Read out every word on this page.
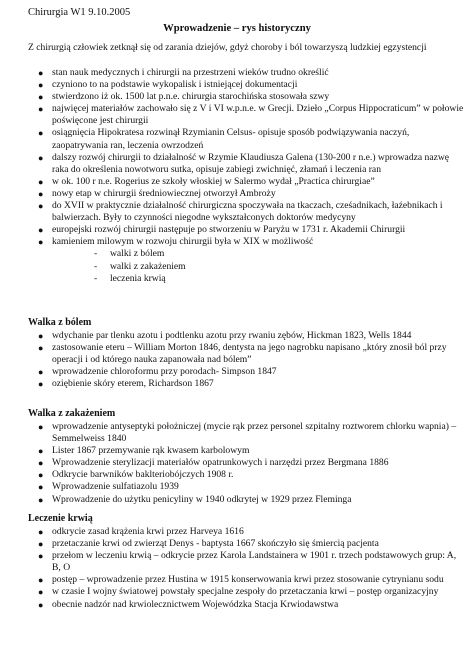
Chirurgia W1 9.10.2005
Wprowadzenie – rys historyczny
Z chirurgią człowiek zetknął się od zarania dziejów, gdyż choroby i ból towarzyszą ludzkiej egzystencji
● stan nauk medycznych i chirurgii na przestrzeni wieków trudno określić
● czyniono to na podstawie wykopalisk i istniejącej dokumentacji
● stwierdzono iż ok. 1500 lat p.n.e. chirurgia starochińska stosowała szwy
● najwięcej materiałów zachowało się z V i VI w.p.n.e. w Grecji. Dzieło „Corpus Hippocraticum” w połowie poświęcone jest chirurgii
● osiągnięcia Hipokratesa rozwinął Rzymianin Celsus- opisuje sposób podwiązywania naczyń, zaopatrywania ran, leczenia owrzodzeń
● dalszy rozwój chirurgii to działalność w Rzymie Klaudiusza Galena (130-200 r n.e.) wprowadza nazwę raka do określenia nowotworu sutka, opisuje zabiegi zwichnięć, złamań i leczenia ran
● w ok. 100 r n.e. Rogerius ze szkoły włoskiej w Salermo wydał „Practica chirurgiae”
● nowy etap w chirurgii średniowiecznej otworzył Ambroży
● do XVII w praktycznie działalność chirurgiczna spoczywała na tkaczach, cześadnikach, łaźebnikach i balwierzach. Były to czynności niegodne wykształconych doktorów medycyny
● europejski rozwój chirurgii następuje po stworzeniu w Paryżu w 1731 r. Akademii Chirurgii
● kamieniem milowym w rozwoju chirurgii była w XIX w możliwość
- walki z bólem
- walki z zakażeniem
- leczenia krwią
Walka z bólem
● wdychanie par tlenku azotu i podtlenku azotu przy rwaniu zębów, Hickman 1823, Wells 1844
● zastosowanie eteru – William Morton 1846, dentysta na jego nagrobku napisano „który znosił ból przy operacji i od którego nauka zapanowała nad bólem”
● wprowadzenie chloroformu przy porodach- Simpson 1847
● oziębienie skóry eterem, Richardson 1867
Walka z zakażeniem
● wprowadzenie antyseptyki położniczej (mycie rąk przez personel szpitalny roztworem chlorku wapnia) – Semmelweiss 1840
● Lister 1867 przemywanie rąk kwasem karbolowym
● Wprowadzenie sterylizacji materiałów opatrunkowych i narzędzi przez Bergmana 1886
● Odkrycie barwników baklteriobójczych 1908 r.
● Wprowadzenie sulfatiazolu 1939
● Wprowadzenie do użytku penicyliny w 1940 odkrytej w 1929 przez Fleminga
Leczenie krwią
● odkrycie zasad krążenia krwi przez Harveya 1616
● przetaczanie krwi od zwierząt Denys - baptysta 1667 skończyło się śmiercią pacjenta
● przełom w leczeniu krwią – odkrycie przez Karola Landstainera w 1901 r. trzech podstawowych grup: A, B, O
● postęp – wprowadzenie przez Hustina w 1915 konserwowania krwi przez stosowanie cytrynianu sodu
● w czasie I wojny światowej powstały specjalne zespoły do przetaczania krwi – postęp organizacyjny
● obecnie nadzór nad krwiolecznictwem Wojewódzka Stacja Krwiodawstwa
